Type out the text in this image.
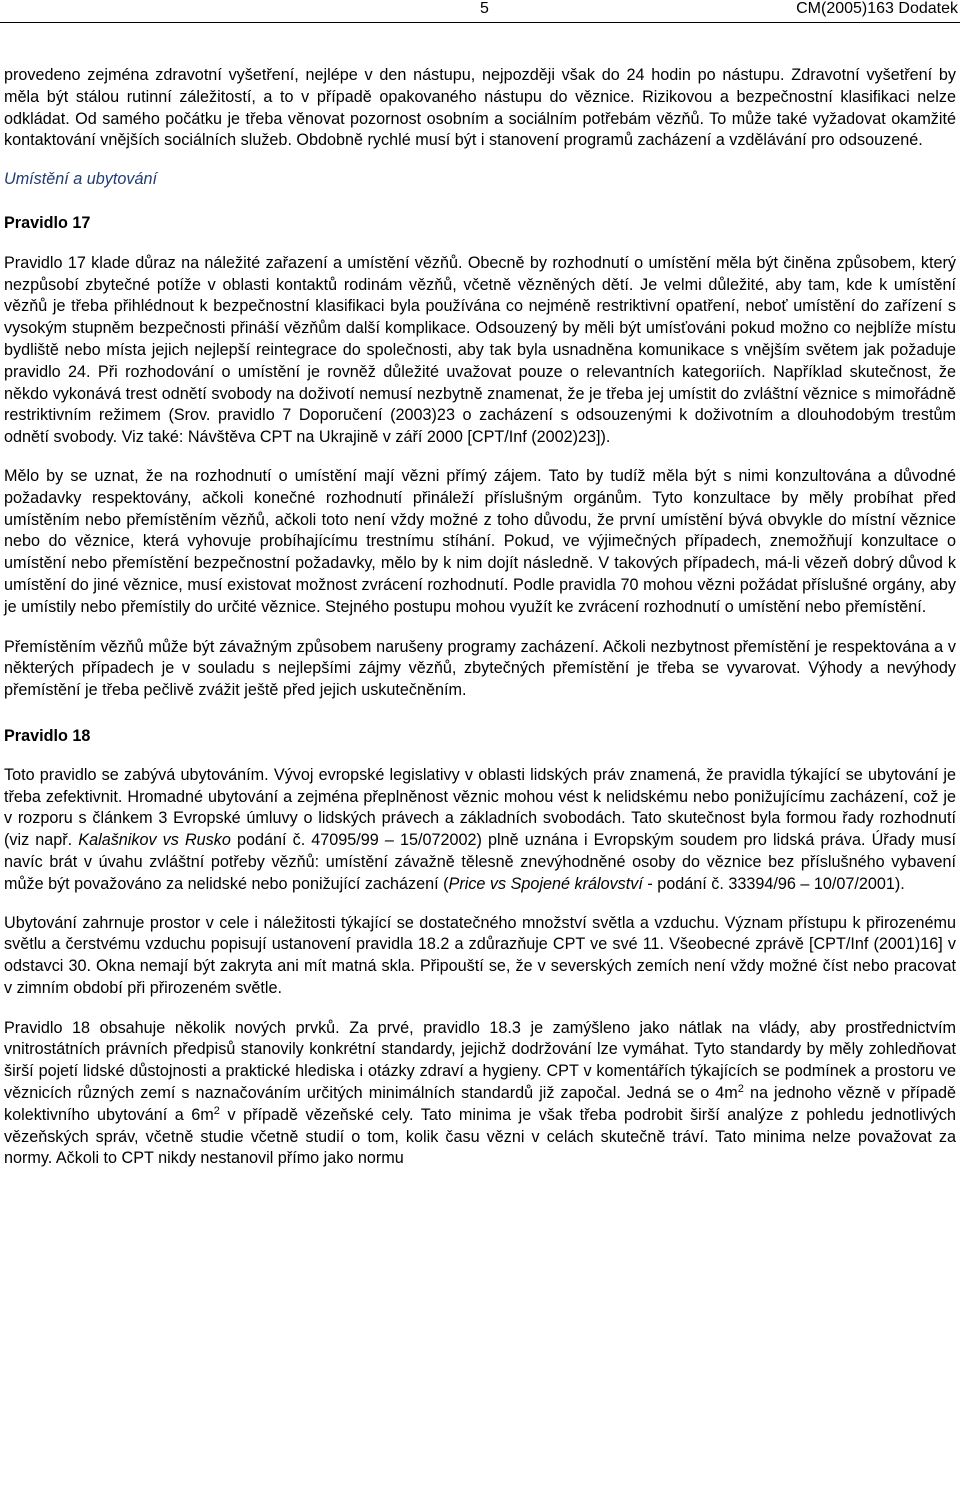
5	CM(2005)163 Dodatek

provedeno zejména zdravotní vyšetření, nejlépe v den nástupu, nejpozději však do 24 hodin po nástupu. Zdravotní vyšetření by měla být stálou rutinní záležitostí, a to v případě opakovaného nástupu do věznice. Rizikovou a bezpečnostní klasifikaci nelze odkládat. Od samého počátku je třeba věnovat pozornost osobním a sociálním potřebám vězňů. To může také vyžadovat okamžité kontaktování vnějších sociálních služeb. Obdobně rychlé musí být i stanovení programů zacházení a vzdělávání pro odsouzené.

Umístění a ubytování

Pravidlo 17

Pravidlo 17 klade důraz na náležité zařazení a umístění vězňů. Obecně by rozhodnutí o umístění měla být činěna způsobem, který nezpůsobí zbytečné potíže v oblasti kontaktů rodinám vězňů, včetně vězněných dětí. Je velmi důležité, aby tam, kde k umístění vězňů je třeba přihlédnout k bezpečnostní klasifikaci byla používána co nejméně restriktivní opatření, neboť umístění do zařízení s vysokým stupněm bezpečnosti přináší vězňům další komplikace. Odsouzený by měli být umísťováni pokud možno co nejblíže místu bydliště nebo místa jejich nejlepší reintegrace do společnosti, aby tak byla usnadněna komunikace s vnějším světem jak požaduje pravidlo 24. Při rozhodování o umístění je rovněž důležité uvažovat pouze o relevantních kategoriích. Například skutečnost, že někdo vykonává trest odnětí svobody na doživotí nemusí nezbytně znamenat, že je třeba jej umístit do zvláštní věznice s mimořádně restriktivním režimem (Srov. pravidlo 7 Doporučení (2003)23 o zacházení s odsouzenými k doživotním a dlouhodobým trestům odnětí svobody. Viz také: Návštěva CPT na Ukrajině v září 2000 [CPT/Inf (2002)23]).

Mělo by se uznat, že na rozhodnutí o umístění mají vězni přímý zájem. Tato by tudíž měla být s nimi konzultována a důvodné požadavky respektovány, ačkoli konečné rozhodnutí přináleží příslušným orgánům. Tyto konzultace by měly probíhat před umístěním nebo přemístěním vězňů, ačkoli toto není vždy možné z toho důvodu, že první umístění bývá obvykle do místní věznice nebo do věznice, která vyhovuje probíhajícímu trestnímu stíhání. Pokud, ve výjimečných případech, znemožňují konzultace o umístění nebo přemístění bezpečnostní požadavky, mělo by k nim dojít následně. V takových případech, má-li vězeň dobrý důvod k umístění do jiné věznice, musí existovat možnost zvrácení rozhodnutí. Podle pravidla 70 mohou vězni požádat příslušné orgány, aby je umístily nebo přemístily do určité věznice. Stejného postupu mohou využít ke zvrácení rozhodnutí o umístění nebo přemístění.

Přemístěním vězňů může být závažným způsobem narušeny programy zacházení. Ačkoli nezbytnost přemístění je respektována a v některých případech je v souladu s nejlepšími zájmy vězňů, zbytečných přemístění je třeba se vyvarovat. Výhody a nevýhody přemístění je třeba pečlivě zvážit ještě před jejich uskutečněním.

Pravidlo 18

Toto pravidlo se zabývá ubytováním. Vývoj evropské legislativy v oblasti lidských práv znamená, že pravidla týkající se ubytování je třeba zefektivnit. Hromadné ubytování a zejména přeplněnost věznic mohou vést k nelidskému nebo ponižujícímu zacházení, což je v rozporu s článkem 3 Evropské úmluvy o lidských právech a základních svobodách. Tato skutečnost byla formou řady rozhodnutí (viz např. Kalašnikov vs Rusko podání č. 47095/99 – 15/072002) plně uznána i Evropským soudem pro lidská práva. Úřady musí navíc brát v úvahu zvláštní potřeby vězňů: umístění závažně tělesně znevýhodněné osoby do věznice bez příslušného vybavení může být považováno za nelidské nebo ponižující zacházení (Price vs Spojené království - podání č. 33394/96 – 10/07/2001).

Ubytování zahrnuje prostor v cele i náležitosti týkající se dostatečného množství světla a vzduchu. Význam přístupu k přirozenému světlu a čerstvému vzduchu popisují ustanovení pravidla 18.2 a zdůrazňuje CPT ve své 11. Všeobecné zprávě [CPT/Inf (2001)16] v odstavci 30. Okna nemají být zakryta ani mít matná skla. Připouští se, že v severských zemích není vždy možné číst nebo pracovat v zimním období při přirozeném světle.

Pravidlo 18 obsahuje několik nových prvků. Za prvé, pravidlo 18.3 je zamýšleno jako nátlak na vlády, aby prostřednictvím vnitrostátních právních předpisů stanovily konkrétní standardy, jejichž dodržování lze vymáhat. Tyto standardy by měly zohledňovat širší pojetí lidské důstojnosti a praktické hlediska i otázky zdraví a hygieny. CPT v komentářích týkajících se podmínek a prostoru ve věznicích různých zemí s naznačováním určitých minimálních standardů již započal. Jedná se o $4m^2$ na jednoho vězně v případě kolektivního ubytování a $6m^2$ v případě vězeňské cely. Tato minima je však třeba podrobit širší analýze z pohledu jednotlivých vězeňských správ, včetně studie včetně studií o tom, kolik času vězni v celách skutečně tráví. Tato minima nelze považovat za normy. Ačkoli to CPT nikdy nestanovil přímo jako normu
